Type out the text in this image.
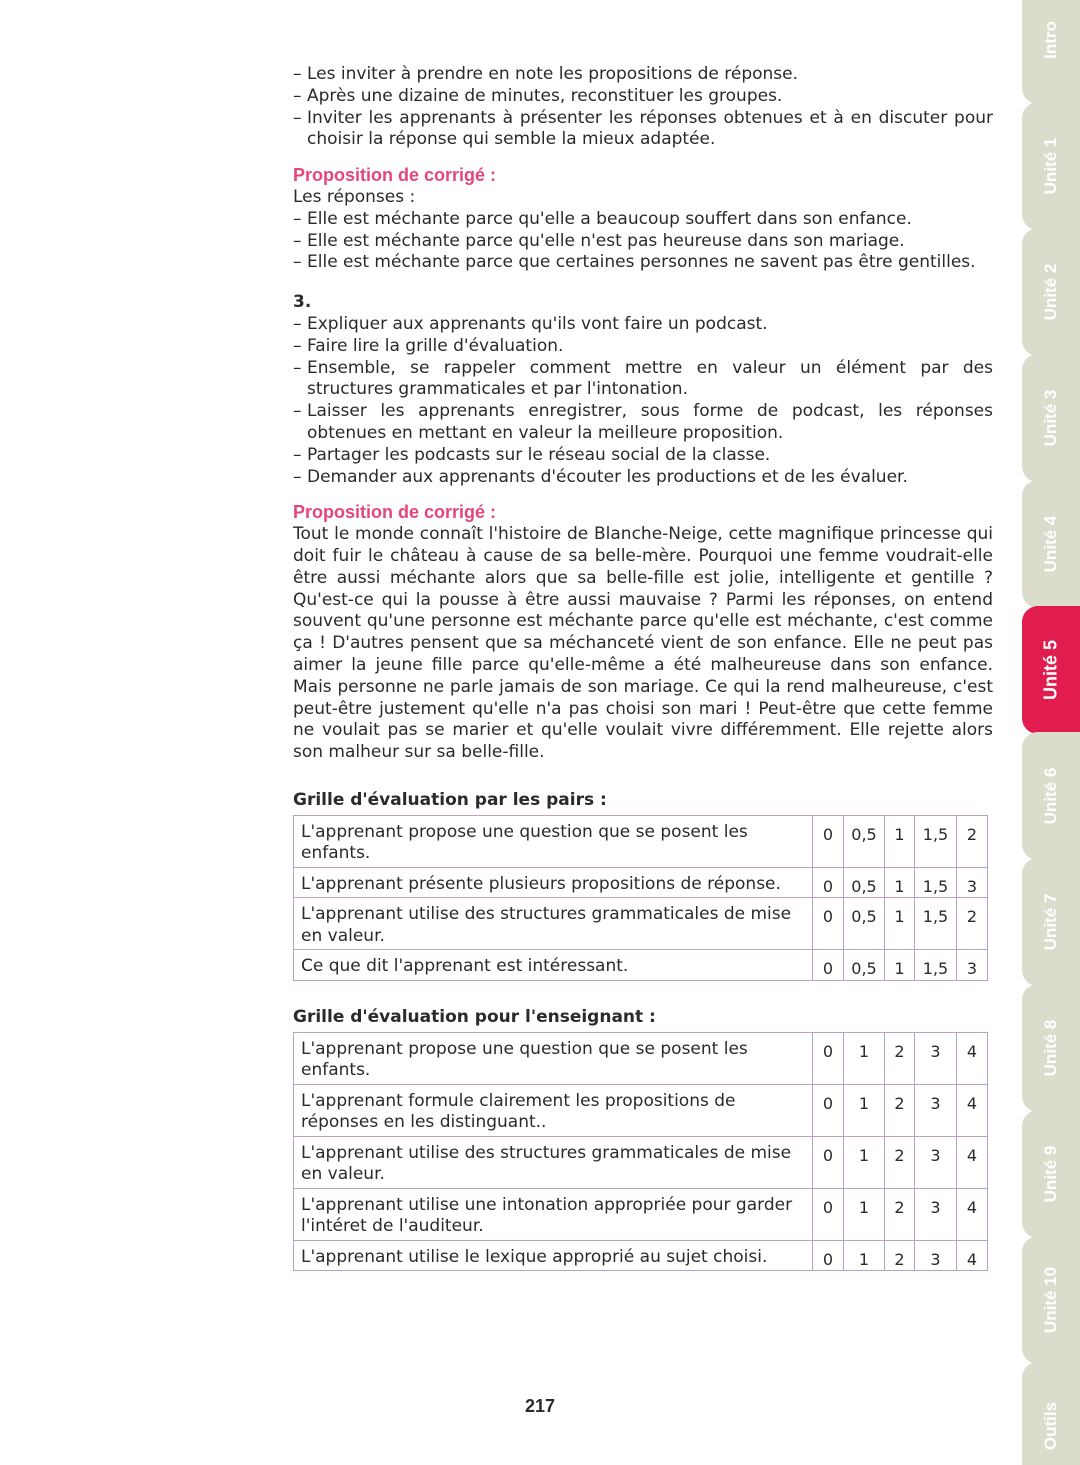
– Les inviter à prendre en note les propositions de réponse.
– Après une dizaine de minutes, reconstituer les groupes.
– Inviter les apprenants à présenter les réponses obtenues et à en discuter pour choisir la réponse qui semble la mieux adaptée.
Proposition de corrigé :
Les réponses :
– Elle est méchante parce qu'elle a beaucoup souffert dans son enfance.
– Elle est méchante parce qu'elle n'est pas heureuse dans son mariage.
– Elle est méchante parce que certaines personnes ne savent pas être gentilles.
3.
– Expliquer aux apprenants qu'ils vont faire un podcast.
– Faire lire la grille d'évaluation.
– Ensemble, se rappeler comment mettre en valeur un élément par des structures grammaticales et par l'intonation.
– Laisser les apprenants enregistrer, sous forme de podcast, les réponses obtenues en mettant en valeur la meilleure proposition.
– Partager les podcasts sur le réseau social de la classe.
– Demander aux apprenants d'écouter les productions et de les évaluer.
Proposition de corrigé :

Tout le monde connaît l'histoire de Blanche-Neige, cette magnifique princesse qui doit fuir le château à cause de sa belle-mère. Pourquoi une femme voudrait-elle être aussi méchante alors que sa belle-fille est jolie, intelligente et gentille ? Qu'est-ce qui la pousse à être aussi mauvaise ? Parmi les réponses, on entend souvent qu'une personne est méchante parce qu'elle est méchante, c'est comme ça ! D'autres pensent que sa méchanceté vient de son enfance. Elle ne peut pas aimer la jeune fille parce qu'elle-même a été malheureuse dans son enfance. Mais personne ne parle jamais de son mariage. Ce qui la rend malheureuse, c'est peut-être justement qu'elle n'a pas choisi son mari ! Peut-être que cette femme ne voulait pas se marier et qu'elle voulait vivre différemment. Elle rejette alors son malheur sur sa belle-fille.

Grille d'évaluation par les pairs :
L'apprenant propose une question que se posent les enfants.	0	0,5	1	1,5	2
L'apprenant présente plusieurs propositions de réponse.	0	0,5	1	1,5	3
L'apprenant utilise des structures grammaticales de mise en valeur.	0	0,5	1	1,5	2
Ce que dit l'apprenant est intéressant.	0	0,5	1	1,5	3
Grille d'évaluation pour l'enseignant :
L'apprenant propose une question que se posent les enfants.	0	1	2	3	4
L'apprenant formule clairement les propositions de réponses en les distinguant..	0	1	2	3	4
L'apprenant utilise des structures grammaticales de mise en valeur.	0	1	2	3	4
L'apprenant utilise une intonation appropriée pour garder l'intéret de l'auditeur.	0	1	2	3	4
L'apprenant utilise le lexique approprié au sujet choisi.	0	1	2	3	4
217
Intro
Unité 1
Unité 2
Unité 3
Unité 4
Unité 5
Unité 6
Unité 7
Unité 8
Unité 9
Unité 10
Outils
